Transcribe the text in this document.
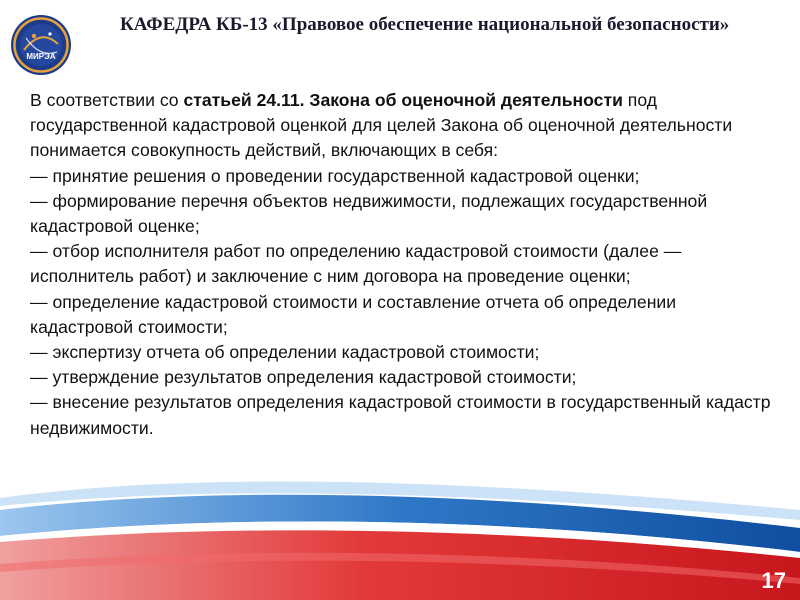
МИРЭА
КАФЕДРА КБ-13 «Правовое обеспечение национальной безопасности»

В соответствии со статьей 24.11. Закона об оценочной деятельности под государственной кадастровой оценкой для целей Закона об оценочной деятельности понимается совокупность действий, включающих в себя:

— принятие решения о проведении государственной кадастровой оценки;

— формирование перечня объектов недвижимости, подлежащих государственной кадастровой оценке;

— отбор исполнителя работ по определению кадастровой стоимости (далее — исполнитель работ) и заключение с ним договора на проведение оценки;

— определение кадастровой стоимости и составление отчета об определении кадастровой стоимости;

— экспертизу отчета об определении кадастровой стоимости;

— утверждение результатов определения кадастровой стоимости;

— внесение результатов определения кадастровой стоимости в государственный кадастр недвижимости.

17
